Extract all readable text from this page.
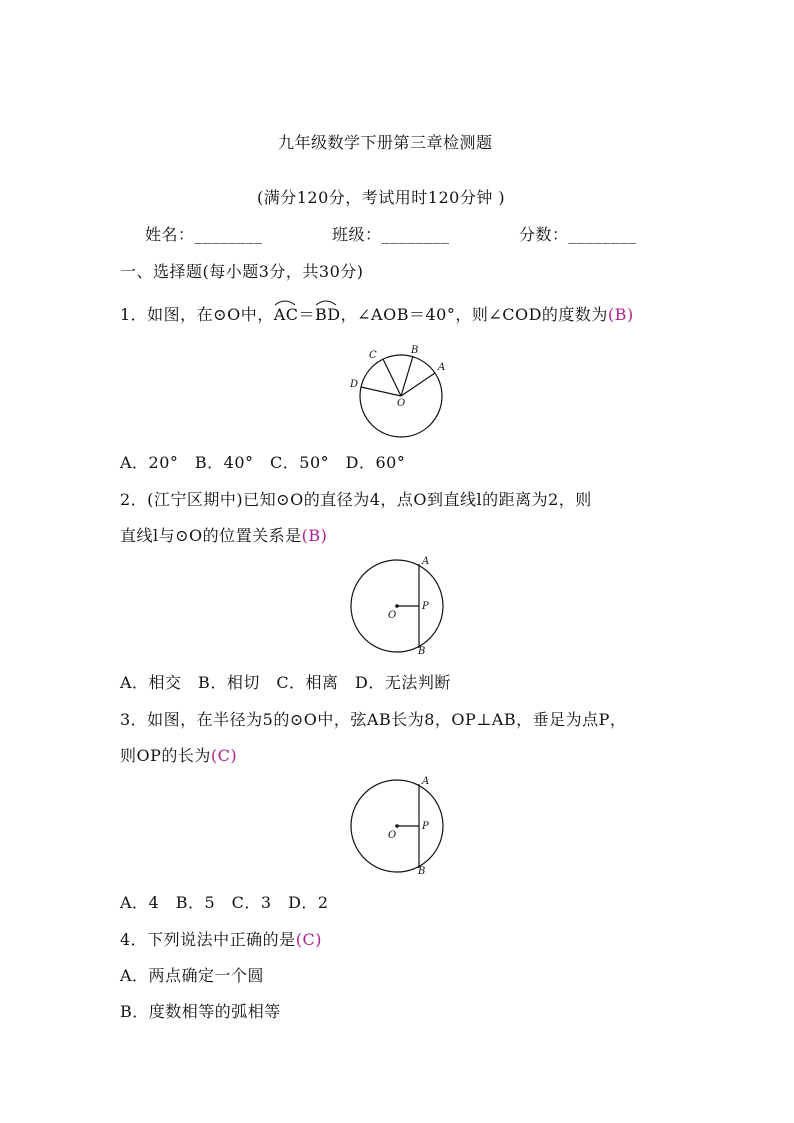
九年级数学下册第三章检测题
(满分120分，考试用时120分钟 )
姓名：________	班级：________	分数：________
一、选择题(每小题3分，共30分)
1．如图，在⊙O中，
AC＝
BD，∠AOB＝40°，则∠COD的度数为(B)
C	B
A
D
O
A．20°　B．40°　C．50°　D．60°
2．(江宁区期中)已知⊙O的直径为4，点O到直线l的距离为2，则
直线l与⊙O的位置关系是(B)
A
P
B
O
A．相交　B．相切　C．相离　D．无法判断
3．如图，在半径为5的⊙O中，弦AB长为8，OP⊥AB，垂足为点P，
则OP的长为(C)
A
P
B
O
A．4　B．5　C．3　D．2
4．下列说法中正确的是(C)
A．两点确定一个圆
B．度数相等的弧相等
